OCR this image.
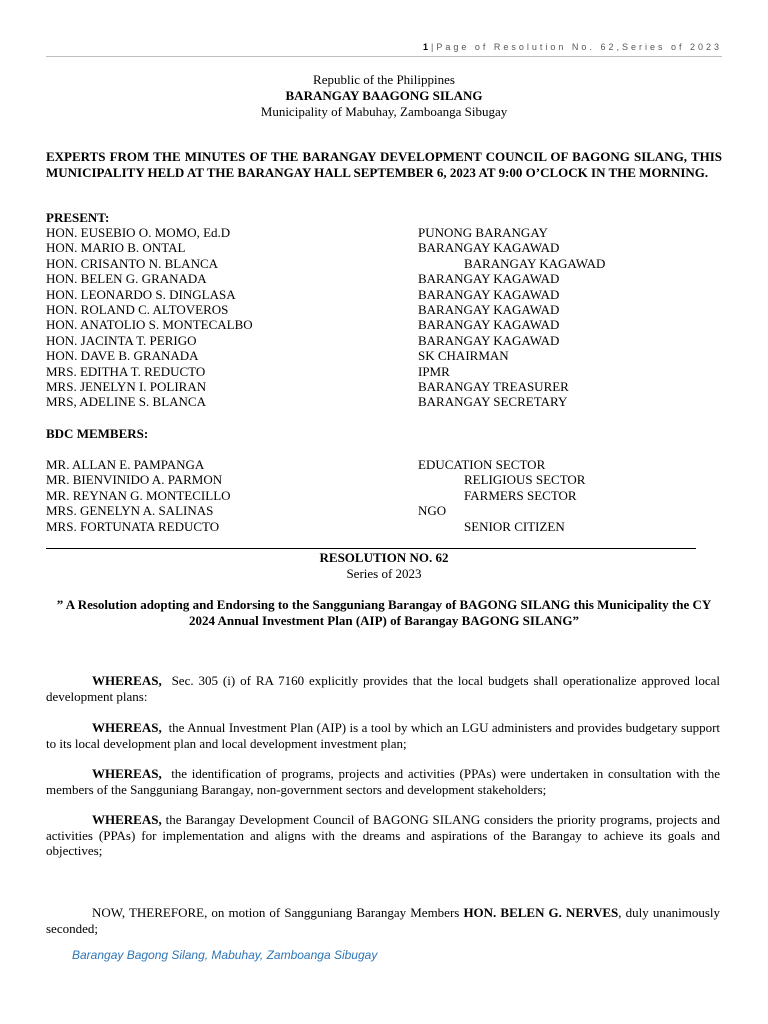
1|Page of Resolution No. 62,Series of 2023
Republic of the Philippines
BARANGAY BAAGONG SILANG
Municipality of Mabuhay, Zamboanga Sibugay
EXPERTS FROM THE MINUTES OF THE BARANGAY DEVELOPMENT COUNCIL OF BAGONG SILANG, THIS MUNICIPALITY HELD AT THE BARANGAY HALL SEPTEMBER 6, 2023 AT 9:00 O’CLOCK IN THE MORNING.
PRESENT:
HON. EUSEBIO O. MOMO, Ed.D	PUNONG BARANGAY
HON. MARIO B. ONTAL	BARANGAY KAGAWAD
HON. CRISANTO N. BLANCA	BARANGAY KAGAWAD
HON. BELEN G. GRANADA	BARANGAY KAGAWAD
HON. LEONARDO S. DINGLASA	BARANGAY KAGAWAD
HON. ROLAND C. ALTOVEROS	BARANGAY KAGAWAD
HON. ANATOLIO S. MONTECALBO	BARANGAY KAGAWAD
HON. JACINTA T. PERIGO	BARANGAY KAGAWAD
HON. DAVE B. GRANADA	SK CHAIRMAN
MRS. EDITHA T. REDUCTO	IPMR
MRS. JENELYN I. POLIRAN	BARANGAY TREASURER
MRS, ADELINE S. BLANCA	BARANGAY SECRETARY
BDC MEMBERS:
MR. ALLAN E. PAMPANGA	EDUCATION SECTOR
MR. BIENVINIDO A. PARMON	RELIGIOUS SECTOR
MR. REYNAN G. MONTECILLO	FARMERS SECTOR
MRS. GENELYN A. SALINAS	NGO
MRS. FORTUNATA REDUCTO	SENIOR CITIZEN
RESOLUTION NO. 62
Series of 2023
” A Resolution adopting and Endorsing to the Sangguniang Barangay of BAGONG SILANG this Municipality the CY 2024 Annual Investment Plan (AIP) of Barangay BAGONG SILANG”
WHEREAS, Sec. 305 (i) of RA 7160 explicitly provides that the local budgets shall operationalize approved local development plans:
WHEREAS, the Annual Investment Plan (AIP) is a tool by which an LGU administers and provides budgetary support to its local development plan and local development investment plan;
WHEREAS, the identification of programs, projects and activities (PPAs) were undertaken in consultation with the members of the Sangguniang Barangay, non-government sectors and development stakeholders;
WHEREAS, the Barangay Development Council of BAGONG SILANG considers the priority programs, projects and activities (PPAs) for implementation and aligns with the dreams and aspirations of the Barangay to achieve its goals and objectives;
NOW, THEREFORE, on motion of Sangguniang Barangay Members HON. BELEN G. NERVES, duly unanimously seconded;
Barangay Bagong Silang, Mabuhay, Zamboanga Sibugay
